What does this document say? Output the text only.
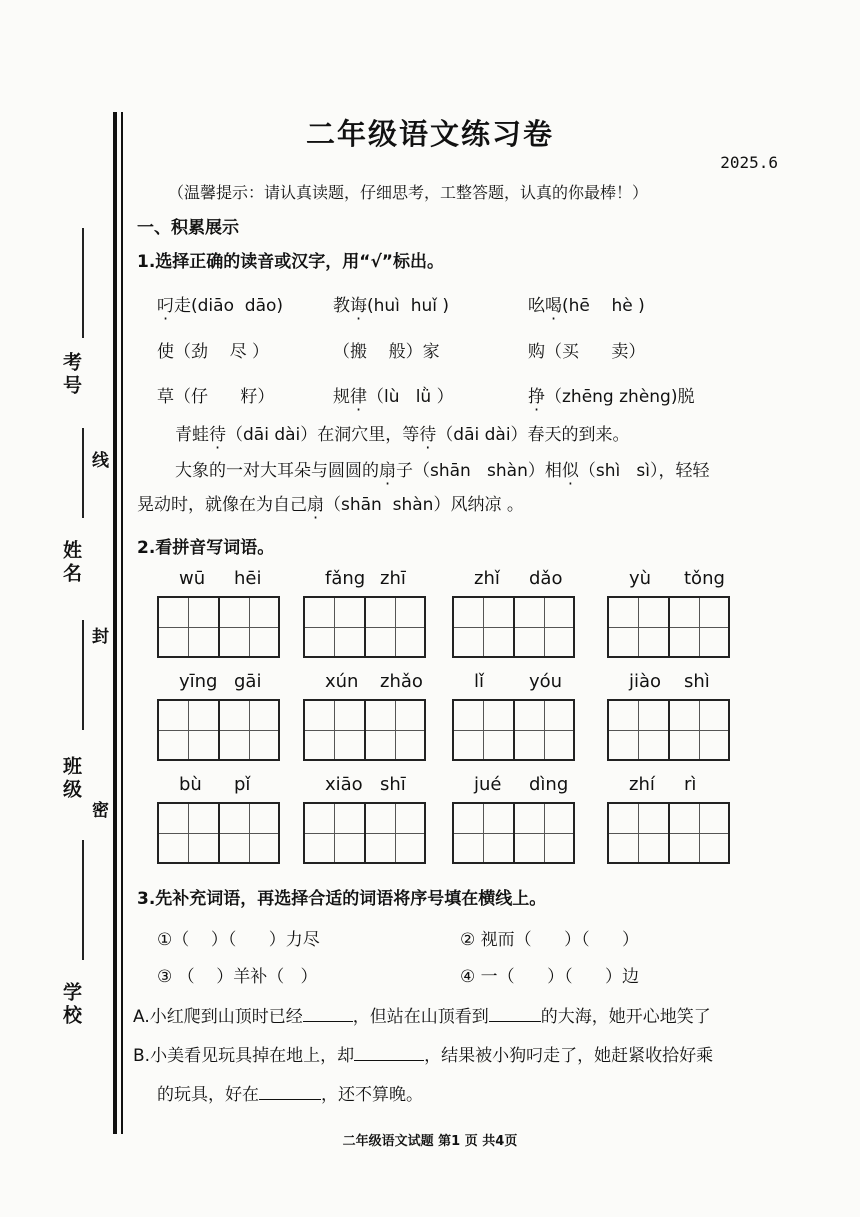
考号
线
姓名
封
班级
密
学校
二年级语文练习卷
2025.6
（温馨提示：请认真读题，仔细思考，工整答题，认真的你最棒！）
一、积累展示
1.选择正确的读音或汉字，用“√”标出。
叼走(diāo  dāo)	教诲(huì  huǐ )	吆喝(hē    hè )
使（劲    尽 ）	（搬    般）家	购（买      卖）
草（仔      籽）	规律（lù   lǜ ）	挣（zhēng zhèng)脱
青蛙待（dāi dài）在洞穴里，等待（dāi dài）春天的到来。
大象的一对大耳朵与圆圆的扇子（shān   shàn）相似（shì   sì），轻轻
晃动时，就像在为自己扇（shān  shàn）风纳凉 。
2.看拼音写词语。
wū hēi	fǎng zhī	zhǐ dǎo	yù tǒng
yīng gāi	xún zhǎo	lǐ yóu	jiào shì
bù pǐ	xiāo shī	jué dìng	zhí rì
3.先补充词语，再选择合适的词语将序号填在横线上。
①（    ）（      ）力尽	② 视而（      ）（      ）
③ （    ）羊补（   ）	④ 一（      ）（      ）边
A.小红爬到山顶时已经	，但站在山顶看到	的大海，她开心地笑了
B.小美看见玩具掉在地上，却	，结果被小狗叼走了，她赶紧收拾好乘
的玩具，好在	，还不算晚。
二年级语文试题 第1 页 共4页
